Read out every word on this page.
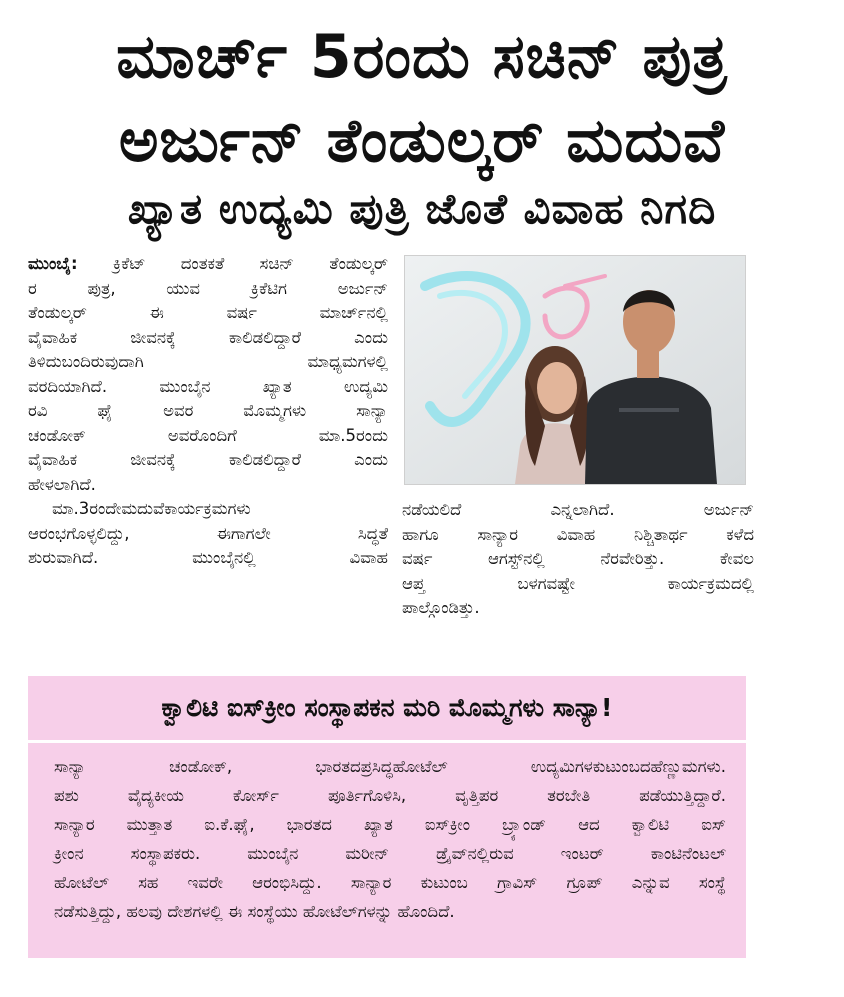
ಮಾರ್ಚ್ 5ರಂದು ಸಚಿನ್ ಪುತ್ರ
ಅರ್ಜುನ್ ತೆಂಡುಲ್ಕರ್ ಮದುವೆ
ಖ್ಯಾತ ಉದ್ಯಮಿ ಪುತ್ರಿ ಜೊತೆ ವಿವಾಹ ನಿಗದಿ

ಮುಂಬೈ: ಕ್ರಿಕೆಟ್ ದಂತಕತೆ ಸಚಿನ್ ತೆಂಡುಲ್ಕರ್

ರ ಪುತ್ರ, ಯುವ ಕ್ರಿಕೆಟಿಗ ಅರ್ಜುನ್

ತೆಂಡುಲ್ಕರ್ ಈ ವರ್ಷ ಮಾರ್ಚ್‌ನಲ್ಲಿ

ವೈವಾಹಿಕ ಜೀವನಕ್ಕೆ ಕಾಲಿಡಲಿದ್ದಾರೆ ಎಂದು

ತಿಳಿದುಬಂದಿರುವುದಾಗಿ ಮಾಧ್ಯಮಗಳಲ್ಲಿ

ವರದಿಯಾಗಿದೆ. ಮುಂಬೈನ ಖ್ಯಾತ ಉದ್ಯಮಿ

ರವಿ ಘೈ ಅವರ ಮೊಮ್ಮಗಳು ಸಾನ್ಯಾ

ಚಂಡೋಕ್ ಅವರೊಂದಿಗೆ ಮಾ.5ರಂದು

ವೈವಾಹಿಕ ಜೀವನಕ್ಕೆ ಕಾಲಿಡಲಿದ್ದಾರೆ ಎಂದು

ಹೇಳಲಾಗಿದೆ.

ಮಾ.3ರಂದೇಮದುವೆಕಾರ್ಯಕ್ರಮಗಳು

ಆರಂಭಗೊಳ್ಳಲಿದ್ದು, ಈಗಾಗಲೇ ಸಿದ್ಧತೆ

ಶುರುವಾಗಿದೆ. ಮುಂಬೈನಲ್ಲಿ ವಿವಾಹ

ನಡೆಯಲಿದೆ ಎನ್ನಲಾಗಿದೆ. ಅರ್ಜುನ್

ಹಾಗೂ ಸಾನ್ಯಾರ ವಿವಾಹ ನಿಶ್ಚಿತಾರ್ಥ ಕಳೆದ

ವರ್ಷ ಆಗಸ್ಟ್‌ನಲ್ಲಿ ನೆರವೇರಿತ್ತು. ಕೇವಲ

ಆಪ್ತ ಬಳಗವಷ್ಟೇ ಕಾರ್ಯಕ್ರಮದಲ್ಲಿ

ಪಾಲ್ಗೊಂಡಿತ್ತು.

ಕ್ವಾಲಿಟಿ ಐಸ್‌ಕ್ರೀಂ ಸಂಸ್ಥಾಪಕನ ಮರಿ ಮೊಮ್ಮಗಳು ಸಾನ್ಯಾ!

ಸಾನ್ಯಾ ಚಂಡೋಕ್, ಭಾರತದಪ್ರಸಿದ್ಧಹೋಟೆಲ್ ಉದ್ಯಮಿಗಳಕುಟುಂಬದಹೆಣ್ಣುಮಗಳು.

ಪಶು ವೈದ್ಯಕೀಯ ಕೋರ್ಸ್ ಪೂರ್ತಿಗೊಳಿಸಿ, ವೃತ್ತಿಪರ ತರಬೇತಿ ಪಡೆಯುತ್ತಿದ್ದಾರೆ.

ಸಾನ್ಯಾರ ಮುತ್ತಾತ ಐ.ಕೆ.ಘೈ, ಭಾರತದ ಖ್ಯಾತ ಐಸ್‌ಕ್ರೀಂ ಬ್ರ್ಯಾಂಡ್ ಆದ ಕ್ವಾಲಿಟಿ ಐಸ್

ಕ್ರೀಂನ ಸಂಸ್ಥಾಪಕರು. ಮುಂಬೈನ ಮರೀನ್ ಡ್ರೈವ್‌ನಲ್ಲಿರುವ ಇಂಟರ್ ಕಾಂಟಿನೆಂಟಲ್

ಹೋಟೆಲ್ ಸಹ ಇವರೇ ಆರಂಭಿಸಿದ್ದು. ಸಾನ್ಯಾರ ಕುಟುಂಬ ಗ್ರಾವಿಸ್ ಗ್ರೂಪ್ ಎನ್ನುವ ಸಂಸ್ಥೆ

ನಡೆಸುತ್ತಿದ್ದು, ಹಲವು ದೇಶಗಳಲ್ಲಿ ಈ ಸಂಸ್ಥೆಯು ಹೋಟೆಲ್‌ಗಳನ್ನು ಹೊಂದಿದೆ.
